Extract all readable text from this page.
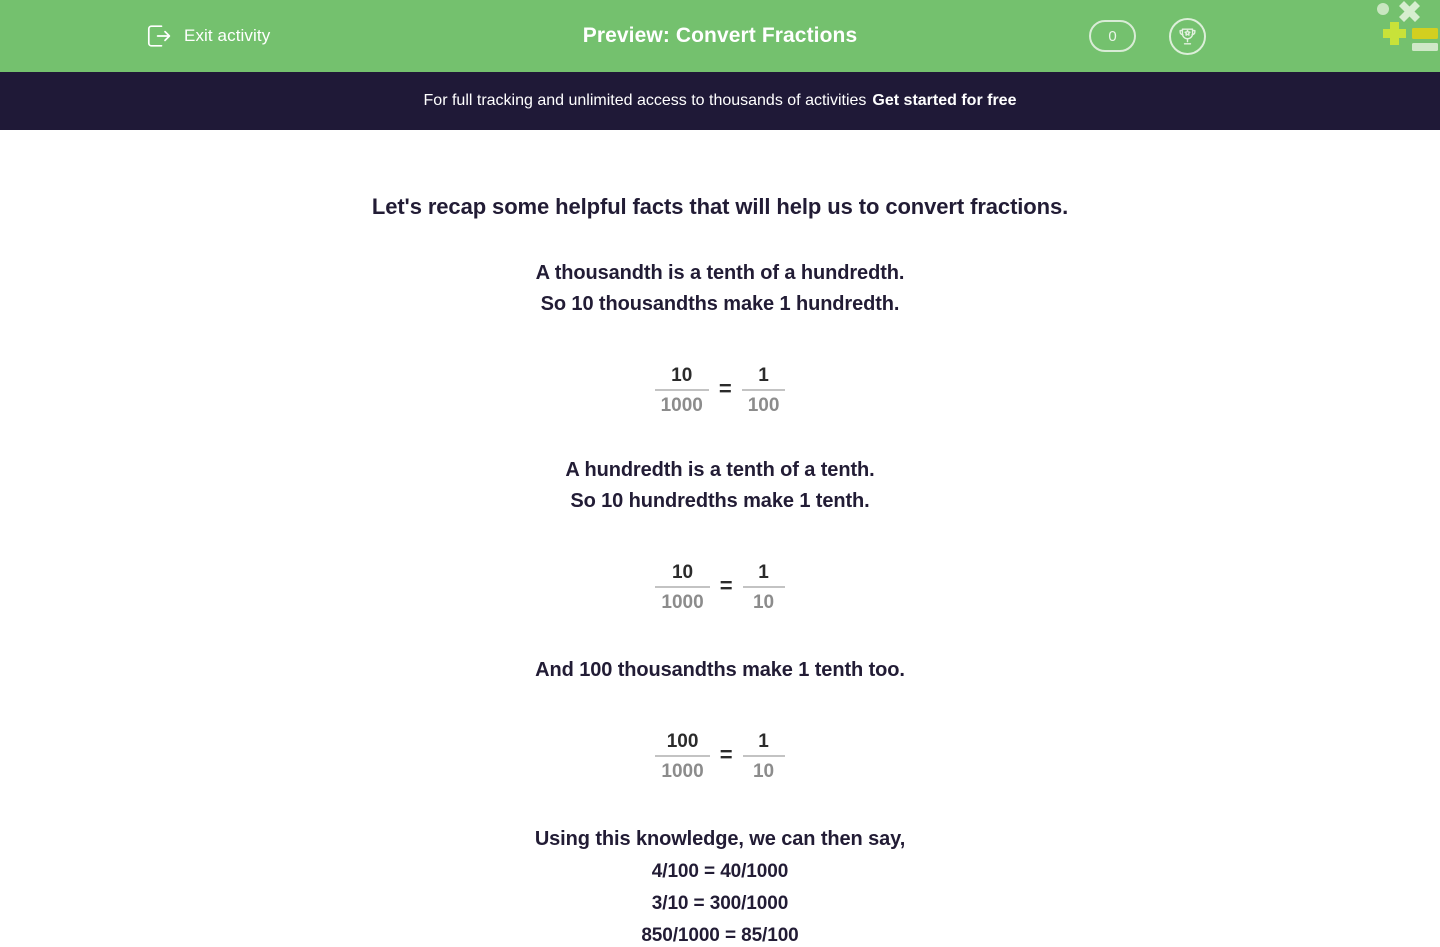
Exit activity	Preview: Convert Fractions	0
For full tracking and unlimited access to thousands of activities Get started for free
Let's recap some helpful facts that will help us to convert fractions.
A thousandth is a tenth of a hundredth.
So 10 thousandths make 1 hundredth.
$\frac{10}{1000} = \frac{1}{100}$
A hundredth is a tenth of a tenth.
So 10 hundredths make 1 tenth.
$\frac{10}{1000} = \frac{1}{10}$
And 100 thousandths make 1 tenth too.
$\frac{100}{1000} = \frac{1}{10}$
Using this knowledge, we can then say,
4/100 = 40/1000
3/10 = 300/1000
850/1000 = 85/100
